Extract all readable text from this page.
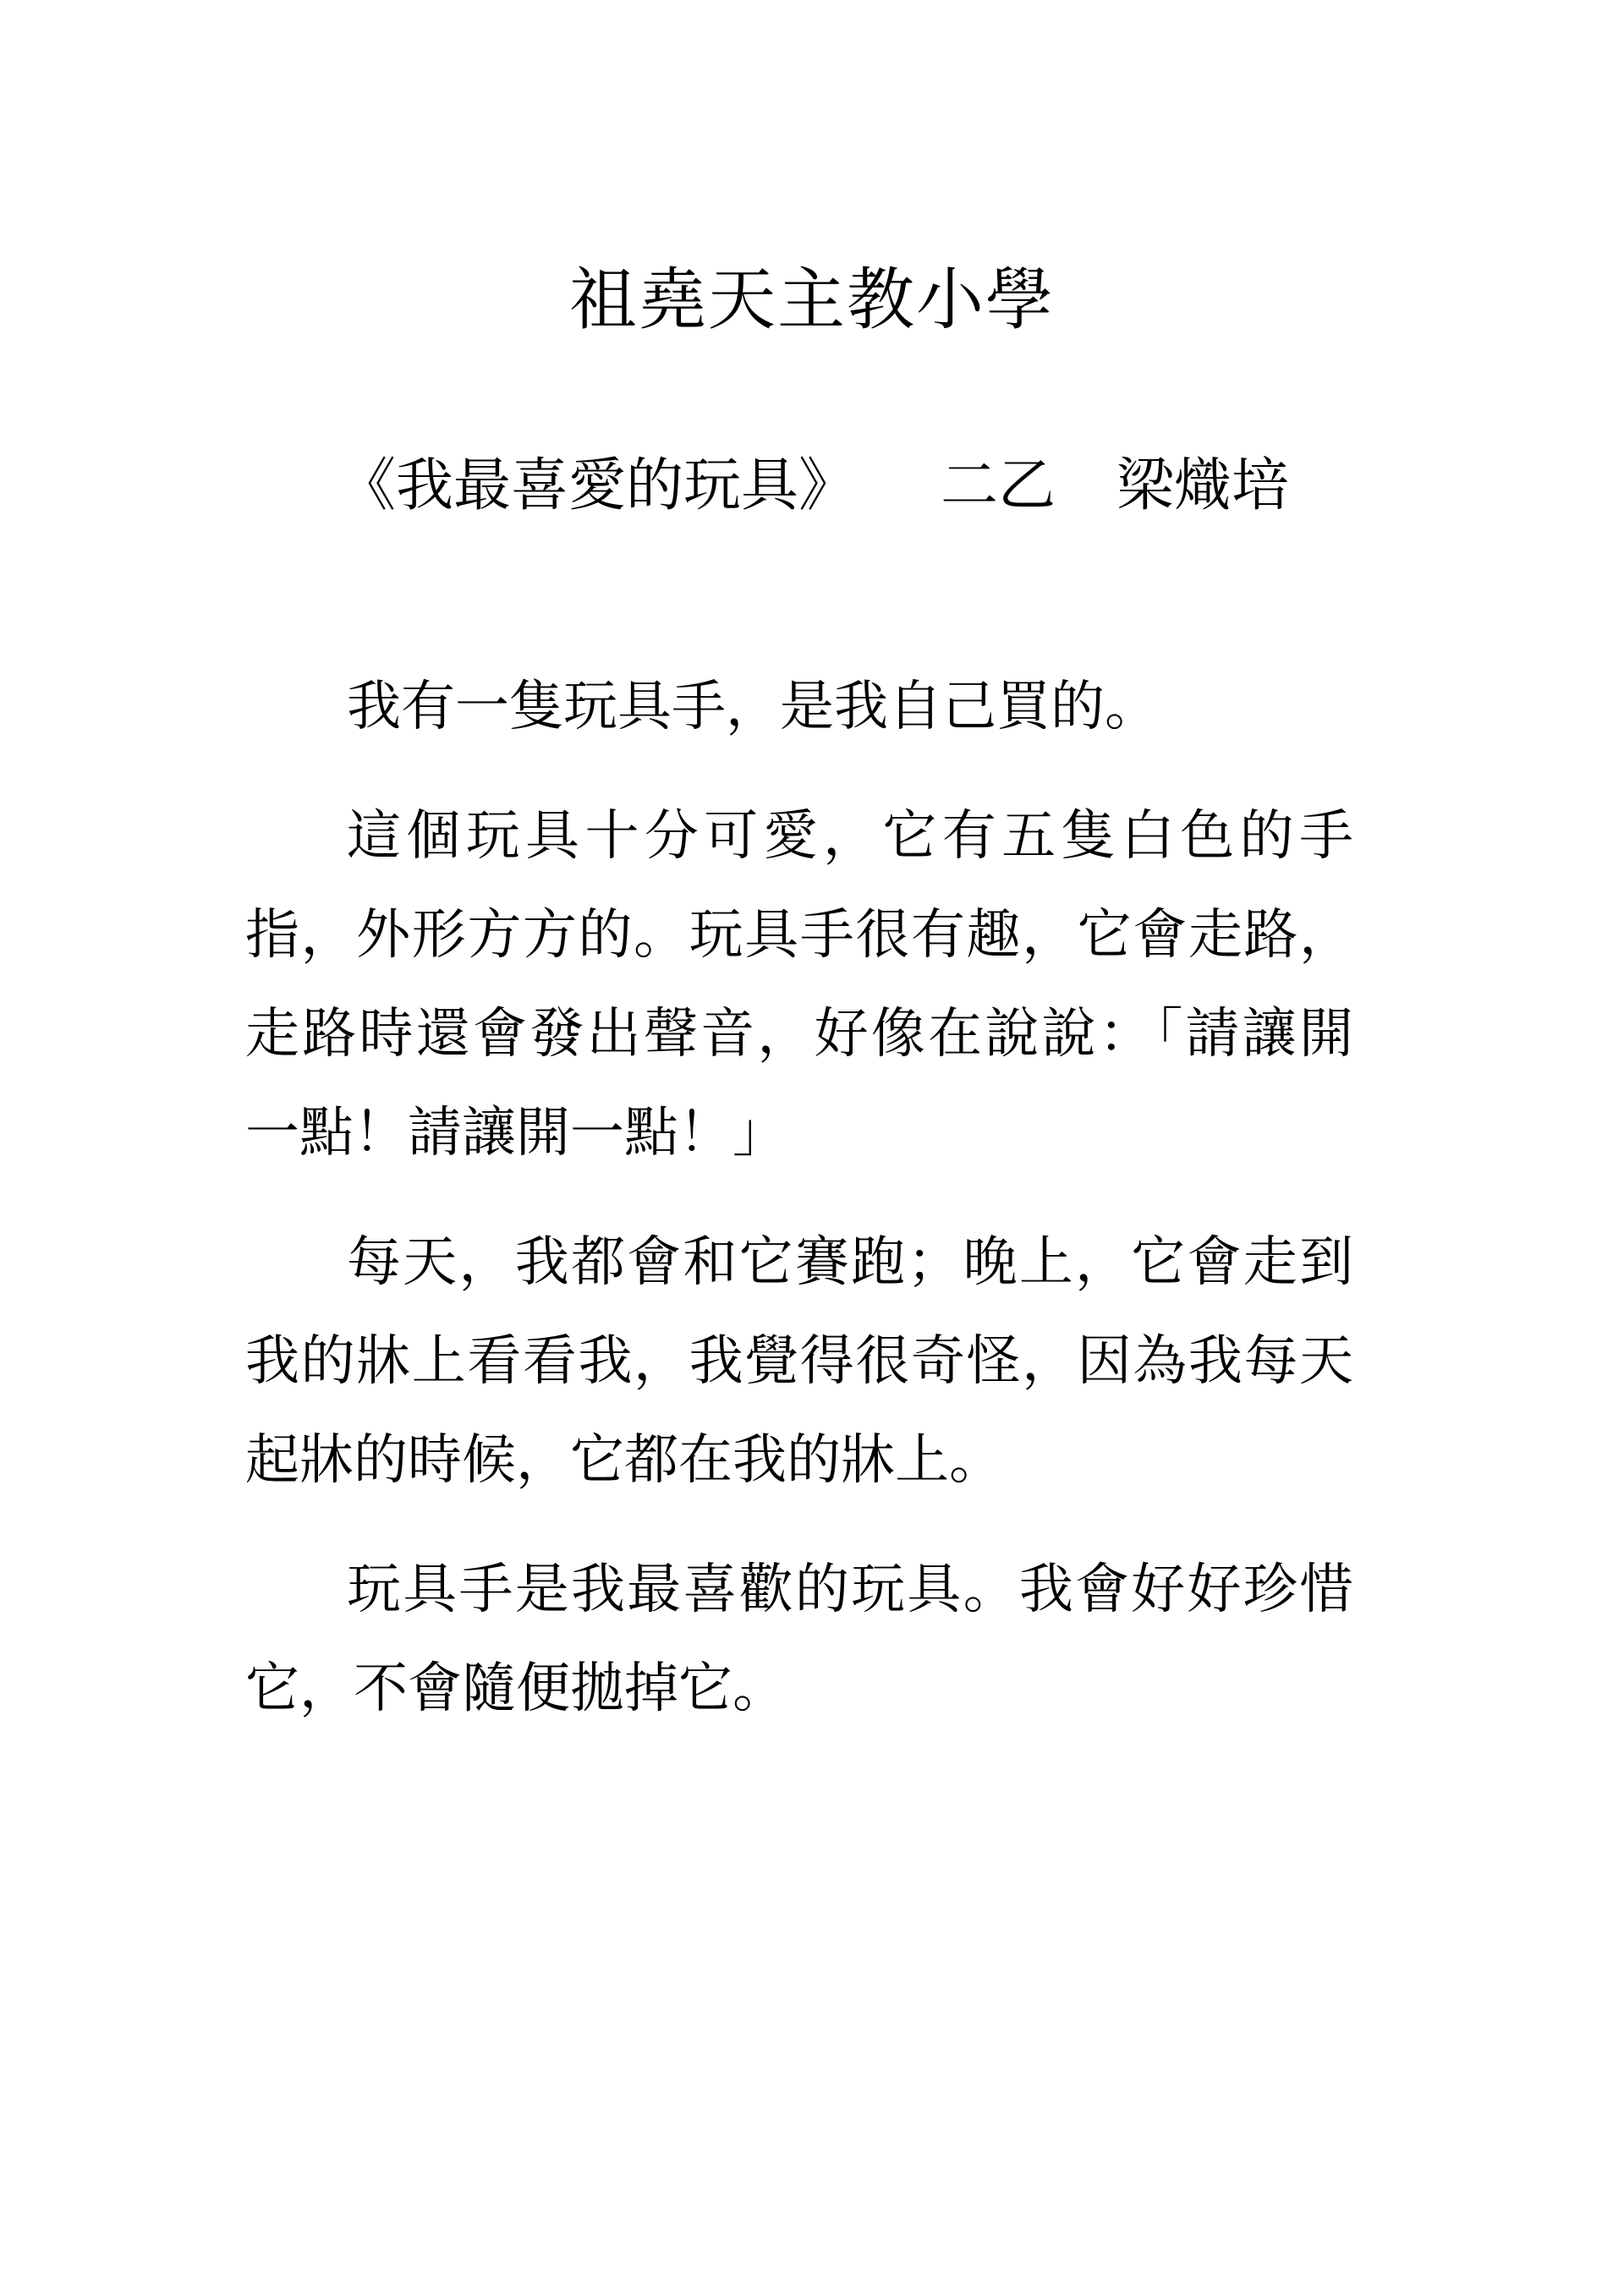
祖堯天主教小學
《我最喜愛的玩具》 二乙 梁熾培

我有一隻玩具手，是我自己買的。

這個玩具十分可愛，它有五隻白色的手指，外形方方的。玩具手很有趣，它會走路，走路時還會發出聲音，好像在說說：「請讓開一點！請讓開一點！」

每天，我都會和它賽跑；晚上，它會走到我的牀上看看我，我覺得很奇怪，因為我每天起牀的時候，它都在我的牀上。

玩具手是我最喜歡的玩具。我會好好珍惜它，不會隨便拋掉它。
